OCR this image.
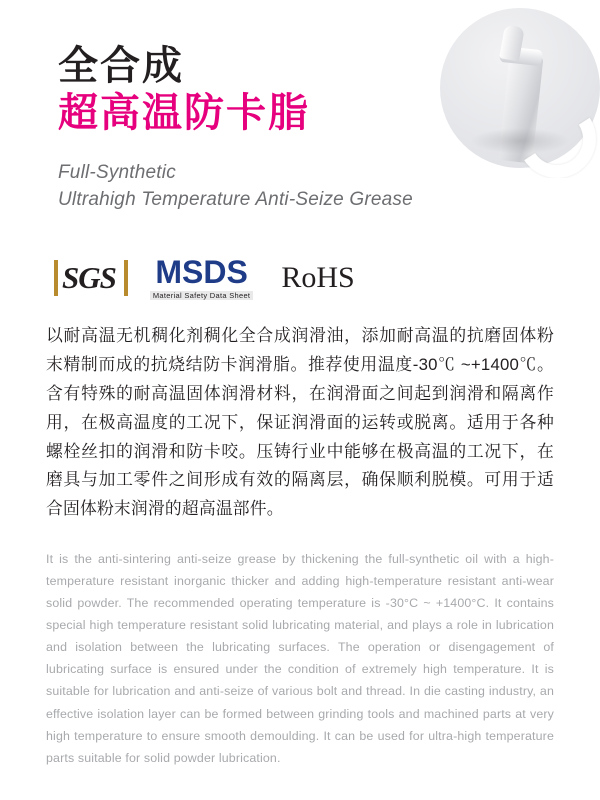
全合成
超高温防卡脂
Full-Synthetic
Ultrahigh Temperature Anti-Seize Grease
SGS MSDS
Material Safety Data Sheet
RoHS
以耐高温无机稠化剂稠化全合成润滑油，添加耐高温的抗磨固体粉末精制而成的抗烧结防卡润滑脂。推荐使用温度-30℃ ~+1400℃。含有特殊的耐高温固体润滑材料，在润滑面之间起到润滑和隔离作用，在极高温度的工况下，保证润滑面的运转或脱离。适用于各种螺栓丝扣的润滑和防卡咬。压铸行业中能够在极高温的工况下，在磨具与加工零件之间形成有效的隔离层，确保顺利脱模。可用于适合固体粉末润滑的超高温部件。
It is the anti-sintering anti-seize grease by thickening the full-synthetic oil with a high-temperature resistant inorganic thicker and adding high-temperature resistant anti-wear solid powder. The recommended operating temperature is -30°C ~ +1400°C. It contains special high temperature resistant solid lubricating material, and plays a role in lubrication and isolation between the lubricating surfaces. The operation or disengagement of lubricating surface is ensured under the condition of extremely high temperature. It is suitable for lubrication and anti-seize of various bolt and thread. In die casting industry, an effective isolation layer can be formed between grinding tools and machined parts at very high temperature to ensure smooth demoulding. It can be used for ultra-high temperature parts suitable for solid powder lubrication.
